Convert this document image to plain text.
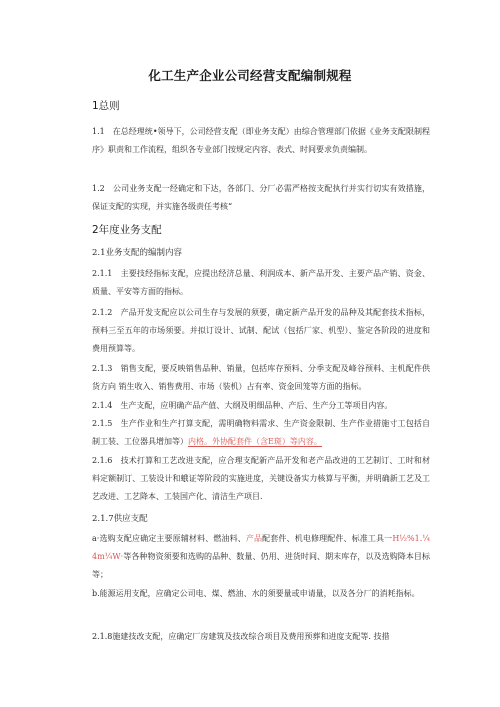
化工生产企业公司经营支配编制规程
1总则
1.1　在总经理统•领导下，公司经营支配（即业务支配）由综合管理部门依据《业务支配限制程序》职责和工作流程，组织各专业部门按规定内容、表式、时间要求负责编制。
1.2　公司业务支配一经确定和下达，各部门、分厂必需严格按支配执行并实行切实有效措施，保证支配的实现，并实施各级责任考核“
2年度业务支配
2.1业务支配的编制内容
2.1.1　主要技经指标支配，应提出经济总量、利润成本、新产品开发、主要产品产销、资金、质量、平安等方面的指标。
2.1.2　产品开发支配应以公司生存与发展的须要，确定新产品开发的品种及其配套技术指标，预料三至五年的市场须要。并拟订设计、试制、配试（包括厂家、机型）、鉴定各阶段的进度和费用预算等。
2.1.3　销售支配，要反映销售品种、销量，包括库存预料、分季支配及峰谷预料、主机配件供货方向 销生收入、销售费用、市场（装机）占有率、资金回笼等方面的指标。
2.1.4　生产支配，应明确产品产值、大纲及明细品种、产后、生产分工等项目内容。
2.1.5　生产作业和生产打算支配，需明确物料需求、生产资金限制、生产作业措施寸工包括自制工装、工位器具增加等）内格。外协配套件（含E斑）等内容。
2.1.6　技术打算和工艺改进支配，应合理支配新产品开发和老产品改进的工艺制订、工时和材料定额制订、工装设计和蛾证等阶段的实施进度，关键设备实力核算与平衡，并明确新工艺及工艺改进、工艺降本、工装国产化、清洁生产项目.
2.1.7供应支配
a·选购支配应确定主要原辅材料、燃油料、产品配套件、机电修理配件、标准工具一H½%1.¼4m¼W·等各种物资须要和选购的品种、数量、仍用、进货时间、期末库存，以及选购降本目标等；
b.能源运用支配，应确定公司电、煤、燃油、水的须要量或申请量，以及各分厂的消耗指标。
2.1.8施建技改支配，应确定厂房建筑及技改综合项目及费用预葬和进度支配等. 技措
